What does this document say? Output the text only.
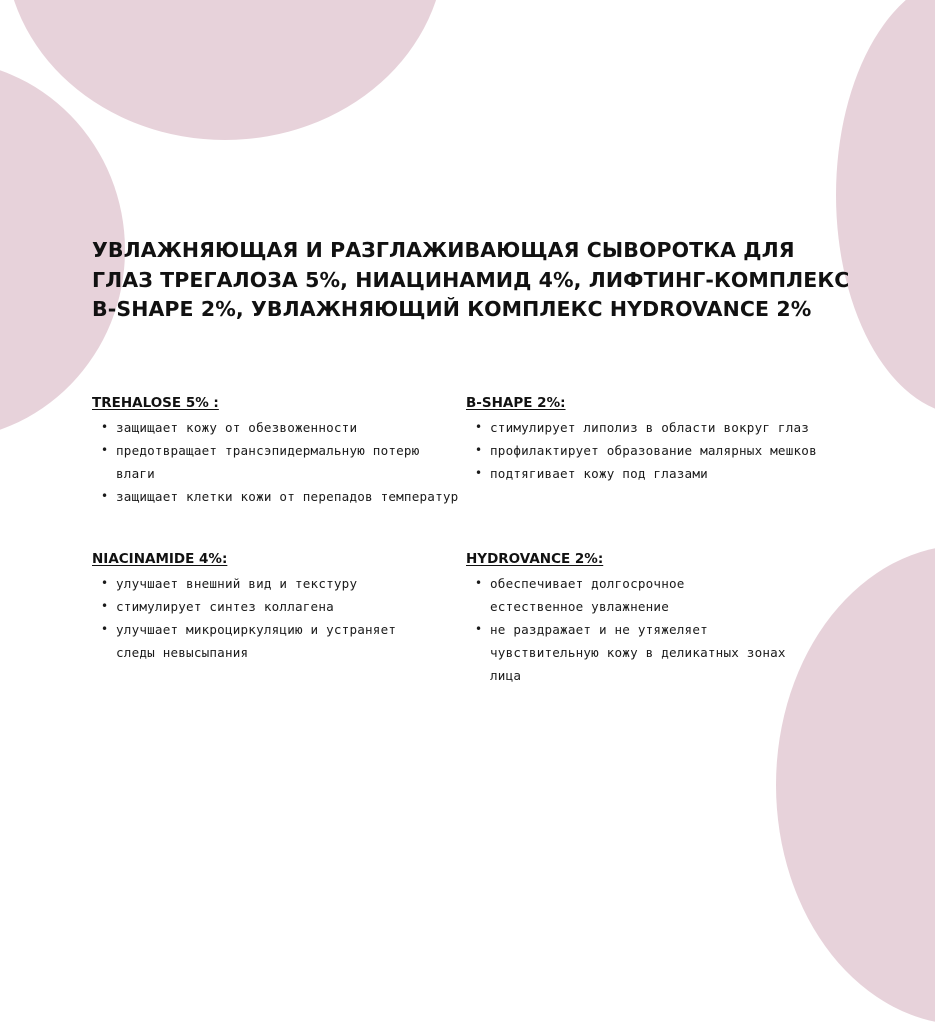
УВЛАЖНЯЮЩАЯ И РАЗГЛАЖИВАЮЩАЯ СЫВОРОТКА ДЛЯ ГЛАЗ ТРЕГАЛОЗА 5%, НИАЦИНАМИД 4%, ЛИФТИНГ-КОМПЛЕКС B-SHAPE 2%, УВЛАЖНЯЮЩИЙ КОМПЛЕКС HYDROVANCE 2%
TREHALOSE 5% :
• защищает кожу от обезвоженности
• предотвращает трансэпидермальную потерю влаги
• защищает клетки кожи от перепадов температур
B-SHAPE 2%:
• стимулирует липолиз в области вокруг глаз
• профилактирует образование малярных мешков
• подтягивает кожу под глазами
NIACINAMIDE 4%:
• улучшает внешний вид и текстуру
• стимулирует синтез коллагена
• улучшает микроциркуляцию и устраняет следы невысыпания
HYDROVANCE 2%:
• обеспечивает долгосрочное естественное увлажнение
• не раздражает и не утяжеляет чувствительную кожу в деликатных зонах лица
